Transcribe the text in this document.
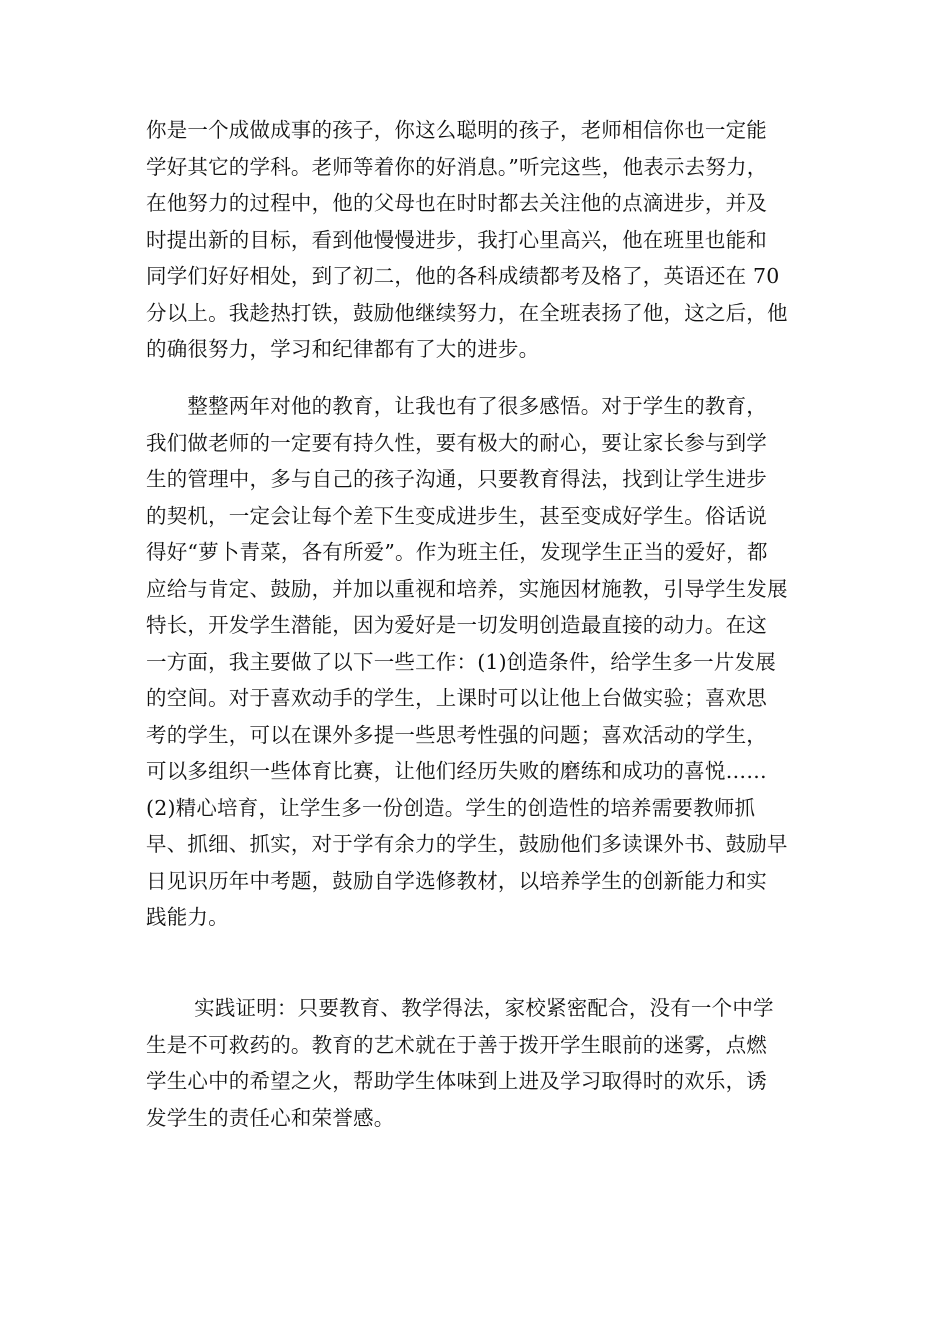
你是一个成做成事的孩子，你这么聪明的孩子，老师相信你也一定能
学好其它的学科。老师等着你的好消息。”听完这些，他表示去努力，
在他努力的过程中，他的父母也在时时都去关注他的点滴进步，并及
时提出新的目标，看到他慢慢进步，我打心里高兴，他在班里也能和
同学们好好相处，到了初二，他的各科成绩都考及格了，英语还在 70
分以上。我趁热打铁，鼓励他继续努力，在全班表扬了他，这之后，他
的确很努力，学习和纪律都有了大的进步。
　　整整两年对他的教育，让我也有了很多感悟。对于学生的教育，
我们做老师的一定要有持久性，要有极大的耐心，要让家长参与到学
生的管理中，多与自己的孩子沟通，只要教育得法，找到让学生进步
的契机，一定会让每个差下生变成进步生，甚至变成好学生。俗话说
得好“萝卜青菜，各有所爱”。作为班主任，发现学生正当的爱好，都
应给与肯定、鼓励，并加以重视和培养，实施因材施教，引导学生发展
特长，开发学生潜能，因为爱好是一切发明创造最直接的动力。在这
一方面，我主要做了以下一些工作：(1)创造条件，给学生多一片发展
的空间。对于喜欢动手的学生，上课时可以让他上台做实验；喜欢思
考的学生，可以在课外多提一些思考性强的问题；喜欢活动的学生，
可以多组织一些体育比赛，让他们经历失败的磨练和成功的喜悦……
(2)精心培育，让学生多一份创造。学生的创造性的培养需要教师抓
早、抓细、抓实，对于学有余力的学生，鼓励他们多读课外书、鼓励早
日见识历年中考题，鼓励自学选修教材，以培养学生的创新能力和实
践能力。
　　 实践证明：只要教育、教学得法，家校紧密配合，没有一个中学
生是不可救药的。教育的艺术就在于善于拨开学生眼前的迷雾，点燃
学生心中的希望之火，帮助学生体味到上进及学习取得时的欢乐，诱
发学生的责任心和荣誉感。
